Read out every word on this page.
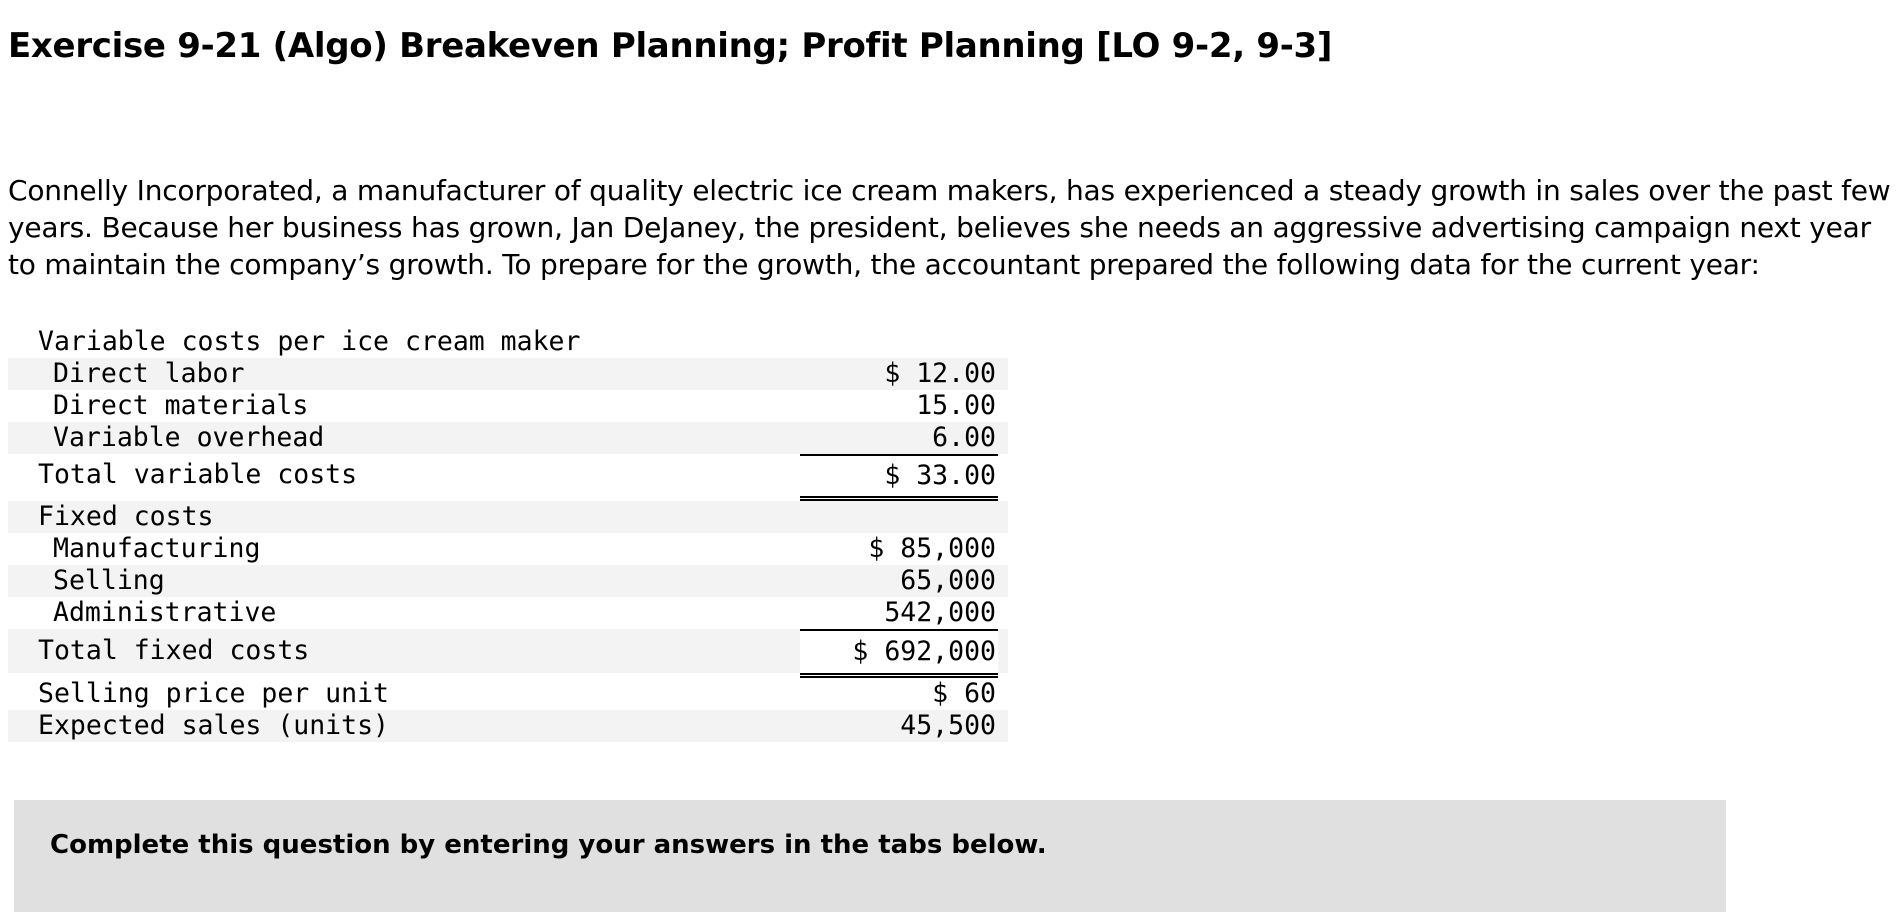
Exercise 9-21 (Algo) Breakeven Planning; Profit Planning [LO 9-2, 9-3]

Connelly Incorporated, a manufacturer of quality electric ice cream makers, has experienced a steady growth in sales over the past few years. Because her business has grown, Jan DeJaney, the president, believes she needs an aggressive advertising campaign next year to maintain the company’s growth. To prepare for the growth, the accountant prepared the following data for the current year:

Variable costs per ice cream maker
Direct labor	$ 12.00
Direct materials	15.00
Variable overhead	6.00
Total variable costs	$ 33.00
Fixed costs
Manufacturing	$ 85,000
Selling	65,000
Administrative	542,000
Total fixed costs	$ 692,000
Selling price per unit	$ 60
Expected sales (units)	45,500
Complete this question by entering your answers in the tabs below.
